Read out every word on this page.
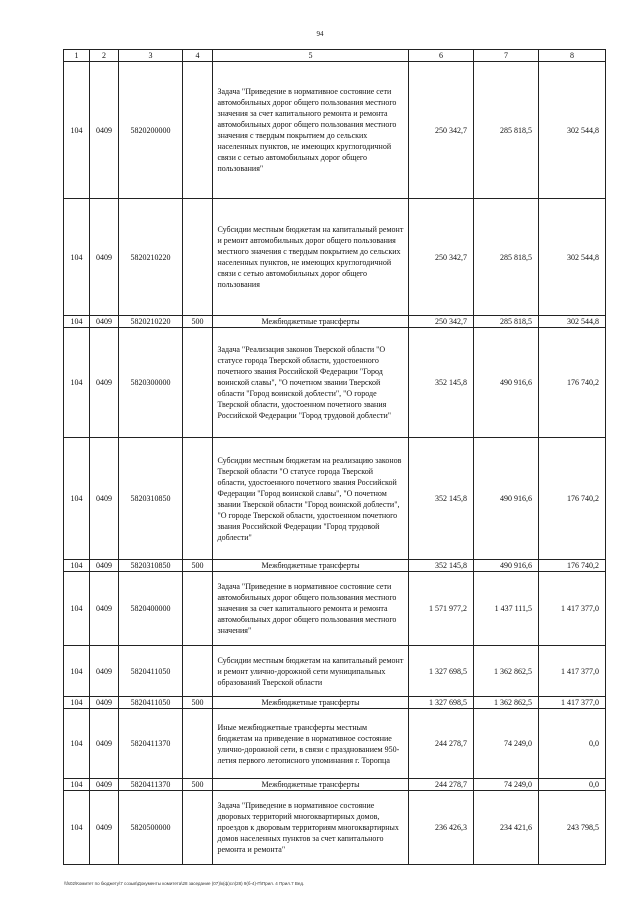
94
1	2	3	4	5	6	7	8
104	0409	5820200000		Задача "Приведение в нормативное состояние сети автомобильных дорог общего пользования местного значения за счет капитального ремонта и ремонта автомобильных дорог общего пользования местного значения с твердым покрытием до сельских населенных пунктов, не имеющих круглогодичной связи с сетью автомобильных дорог общего пользования"	250 342,7	285 818,5	302 544,8
104	0409	5820210220		Субсидии местным бюджетам на капитальный ремонт и ремонт автомобильных дорог общего пользования местного значения с твердым покрытием до сельских населенных пунктов, не имеющих круглогодичной связи с сетью автомобильных дорог общего пользования	250 342,7	285 818,5	302 544,8
104	0409	5820210220	500	Межбюджетные трансферты	250 342,7	285 818,5	302 544,8
104	0409	5820300000		Задача "Реализация законов Тверской области "О статусе города Тверской области, удостоенного почетного звания Российской Федерации "Город воинской славы", "О почетном звании Тверской области "Город воинской доблести", "О городе Тверской области, удостоенном почетного звания Российской Федерации "Город трудовой доблести"	352 145,8	490 916,6	176 740,2
104	0409	5820310850		Субсидии местным бюджетам на реализацию законов Тверской области "О статусе города Тверской области, удостоенного почетного звания Российской Федерации "Город воинской славы", "О почетном звании Тверской области "Город воинской доблести", "О городе Тверской области, удостоенном почетного звания Российской Федерации "Город трудовой доблести"	352 145,8	490 916,6	176 740,2
104	0409	5820310850	500	Межбюджетные трансферты	352 145,8	490 916,6	176 740,2
104	0409	5820400000		Задача "Приведение в нормативное состояние сети автомобильных дорог общего пользования местного значения за счет капитального ремонта и ремонта автомобильных дорог общего пользования местного значения"	1 571 977,2	1 437 111,5	1 417 377,0
104	0409	5820411050		Субсидии местным бюджетам на капитальный ремонт и ремонт улично-дорожной сети муниципальных образований Тверской области	1 327 698,5	1 362 862,5	1 417 377,0
104	0409	5820411050	500	Межбюджетные трансферты	1 327 698,5	1 362 862,5	1 417 377,0
104	0409	5820411370		Иные межбюджетные трансферты местным бюджетам на приведение в нормативное состояние улично-дорожной сети, в связи с празднованием 950-летия первого летописного упоминания г. Торопца	244 278,7	74 249,0	0,0
104	0409	5820411370	500	Межбюджетные трансферты	244 278,7	74 249,0	0,0
104	0409	5820500000		Задача "Приведение в нормативное состояние дворовых территорий многоквартирных домов, проездов к дворовым территориям многоквартирных домов населенных пунктов за счет капитального ремонта и ремонта"	236 426,3	234 421,6	243 798,5
\\fs02\Комитет по бюджету\7 созыв\Документы комитета\28 заседание (07)\к(ф)сл(28) 9(б-4)-П\Прил. 4 Прил.7 Вед.
